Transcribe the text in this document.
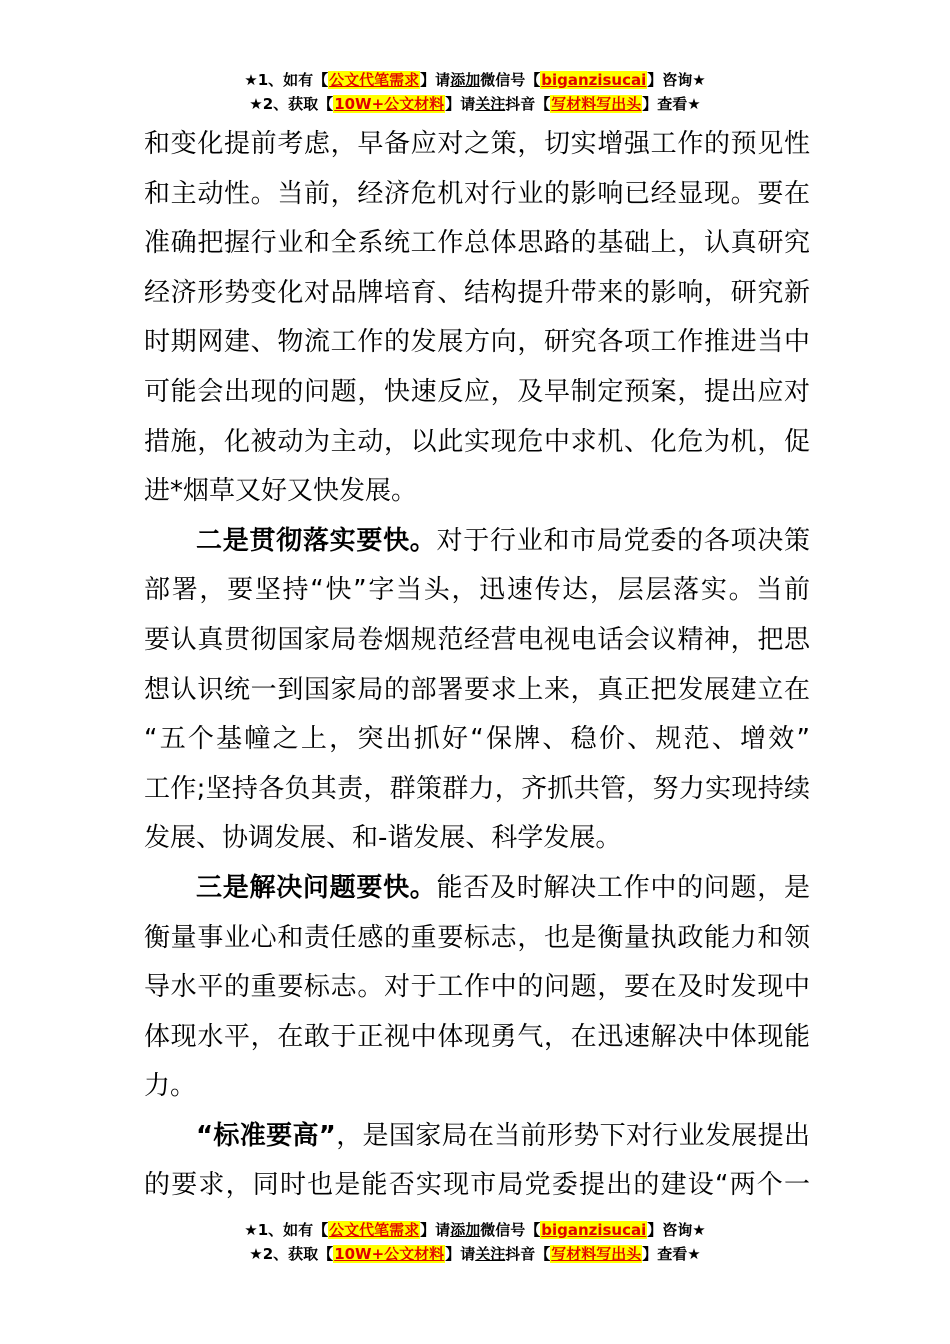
★1、如有【公文代笔需求】请添加微信号【biganzisucai】咨询★
★2、获取【10W+公文材料】请关注抖音【写材料写出头】查看★
和变化提前考虑，早备应对之策，切实增强工作的预见性
和主动性。当前，经济危机对行业的影响已经显现。要在
准确把握行业和全系统工作总体思路的基础上，认真研究
经济形势变化对品牌培育、结构提升带来的影响，研究新
时期网建、物流工作的发展方向，研究各项工作推进当中
可能会出现的问题，快速反应，及早制定预案，提出应对
措施，化被动为主动，以此实现危中求机、化危为机，促
进*烟草又好又快发展。
二是贯彻落实要快。对于行业和市局党委的各项决策
部署，要坚持“快”字当头，迅速传达，层层落实。当前
要认真贯彻国家局卷烟规范经营电视电话会议精神，把思
想认识统一到国家局的部署要求上来，真正把发展建立在
“五个基幢之上，突出抓好“保牌、稳价、规范、增效”
工作;坚持各负其责，群策群力，齐抓共管，努力实现持续
发展、协调发展、和-谐发展、科学发展。
三是解决问题要快。能否及时解决工作中的问题，是
衡量事业心和责任感的重要标志，也是衡量执政能力和领
导水平的重要标志。对于工作中的问题，要在及时发现中
体现水平，在敢于正视中体现勇气，在迅速解决中体现能
力。
“标准要高”，是国家局在当前形势下对行业发展提出
的要求，同时也是能否实现市局党委提出的建设“两个一
★1、如有【公文代笔需求】请添加微信号【biganzisucai】咨询★
★2、获取【10W+公文材料】请关注抖音【写材料写出头】查看★
